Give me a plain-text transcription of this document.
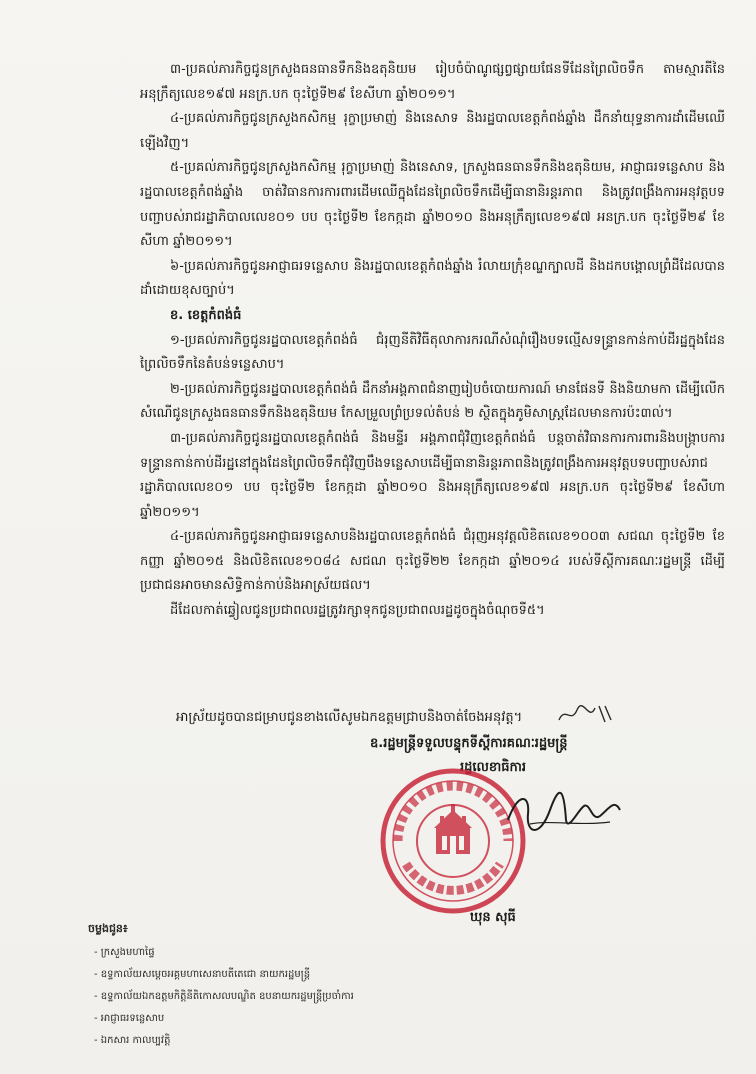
៣-ប្រគល់ភារកិច្ចជូនក្រសួងធនធានទឹកនិងឧតុនិយម រៀបចំប៉ាណូផ្សព្វផ្សាយផែនទីដែនព្រៃលិចទឹក តាមស្មារតីនៃអនុក្រឹត្យលេខ១៩៧ អនក្រ.បក ចុះថ្ងៃទី២៩ ខែសីហា ឆ្នាំ២០១១។

៤-ប្រគល់ភារកិច្ចជូនក្រសួងកសិកម្ម រុក្ខាប្រមាញ់ និងនេសាទ និងរដ្ឋបាលខេត្តកំពង់ឆ្នាំង ដឹកនាំយុទ្ធនាការដាំដើមឈើឡើងវិញ។

៥-ប្រគល់ភារកិច្ចជូនក្រសួងកសិកម្ម រុក្ខាប្រមាញ់ និងនេសាទ, ក្រសួងធនធានទឹកនិងឧតុនិយម, អាជ្ញាធរទន្លេសាប និងរដ្ឋបាលខេត្តកំពង់ឆ្នាំង ចាត់វិធានការការពារដើមឈើក្នុងដែនព្រៃលិចទឹកដើម្បីធានានិរន្តរភាព និងត្រូវពង្រឹងការអនុវត្តបទបញ្ជាបស់រាជរដ្ឋាភិបាលលេខ០១ បប ចុះថ្ងៃទី២ ខែកក្កដា ឆ្នាំ២០១០ និងអនុក្រឹត្យលេខ១៩៧ អនក្រ.បក ចុះថ្ងៃទី២៩ ខែសីហា ឆ្នាំ២០១១។

៦-ប្រគល់ភារកិច្ចជូនអាជ្ញាធរទន្លេសាប និងរដ្ឋបាលខេត្តកំពង់ឆ្នាំង រំលាយក្រុំខណ្ឌក្បាលដី និងដកបង្គោលព្រំដីដែលបានដាំដោយខុសច្បាប់។

ខ. ខេត្តកំពង់ធំ

១-ប្រគល់ភារកិច្ចជូនរដ្ឋបាលខេត្តកំពង់ធំ ជំរុញនីតិវិធីតុលាការករណីសំណុំរឿងបទល្មើសទន្រ្ទានកាន់កាប់ដីរដ្ឋក្នុងដែនព្រៃលិចទឹកនៃតំបន់ទន្លេសាប។

២-ប្រគល់ភារកិច្ចជូនរដ្ឋបាលខេត្តកំពង់ធំ ដឹកនាំអង្គភាពជំនាញរៀបចំបោយការណ៍ មានផែនទី និងនិយាមកា ដើម្បីលើកសំណើជូនក្រសួងធនធានទឹកនិងឧតុនិយម កែសម្រួលព្រំប្រទល់តំបន់ ២ ស្ថិតក្នុងភូមិសាស្ត្រដែលមានការប៉ះ៣ល់។

៣-ប្រគល់ភារកិច្ចជូនរដ្ឋបាលខេត្តកំពង់ធំ និងមន្ទីរ អង្គភាពជុំវិញខេត្តកំពង់ធំ បន្តចាត់វិធានការការពារនិងបង្ក្រាបការទន្ទ្រានកាន់កាប់ដីរដ្ឋនៅក្នុងដែនព្រៃលិចទឹកជុំវិញបឹងទន្លេសាបដើម្បីធានានិរន្តរភាពនិងត្រូវពង្រឹងការអនុវត្តបទបញ្ជាបស់រាជរដ្ឋាភិបាលលេខ០១ បប ចុះថ្ងៃទី២ ខែកក្កដា ឆ្នាំ២០១០ និងអនុក្រឹត្យលេខ១៩៧ អនក្រ.បក ចុះថ្ងៃទី២៩ ខែសីហា ឆ្នាំ២០១១។

៤-ប្រគល់ភារកិច្ចជូនអាជ្ញាធរទន្លេសាបនិងរដ្ឋបាលខេត្តកំពង់ធំ ជំរុញអនុវត្តលិខិតលេខ១០០៣ សជណ ចុះថ្ងៃទី២ ខែកញ្ញា ឆ្នាំ២០១៥ និងលិខិតលេខ១០៨៤ សជណ ចុះថ្ងៃទី២២ ខែកក្កដា ឆ្នាំ២០១៤ របស់ទីស្តីការគណៈរដ្ឋមន្ត្រី ដើម្បីប្រជាជនអាចមានសិទ្ធិកាន់កាប់និងអាស្រ័យផល។

ដីដែលកាត់ឆ្វៀលជូនប្រជាពលរដ្ឋត្រូវរក្សាទុកជូនប្រជាពលរដ្ឋដូចក្នុងចំណុចទី៥។

អាស្រ័យដូចបានជម្រាបជូនខាងលើសូមឯកឧត្តមជ្រាបនិងចាត់ចែងអនុវត្ត។
ឧ.រដ្ឋមន្ត្រីទទួលបន្ទុកទីស្តីការគណៈរដ្ឋមន្ត្រី
រដ្ឋលេខាធិការ
ឃុន សុធី
ចម្លងជូន៖
- ក្រសួងមហាផ្ទៃ
- ឧទ្ទកាល័យសម្តេចអគ្គមហាសេនាបតីតេជោ នាយករដ្ឋមន្ត្រី
- ឧទ្ទកាល័យឯកឧត្តមកិត្តិនីតិកោសលបណ្ឌិត ឧបនាយករដ្ឋមន្ត្រីប្រចាំការ
- អាជ្ញាធរទន្លេសាប
- ឯកសារ កាលប្បវត្តិ
